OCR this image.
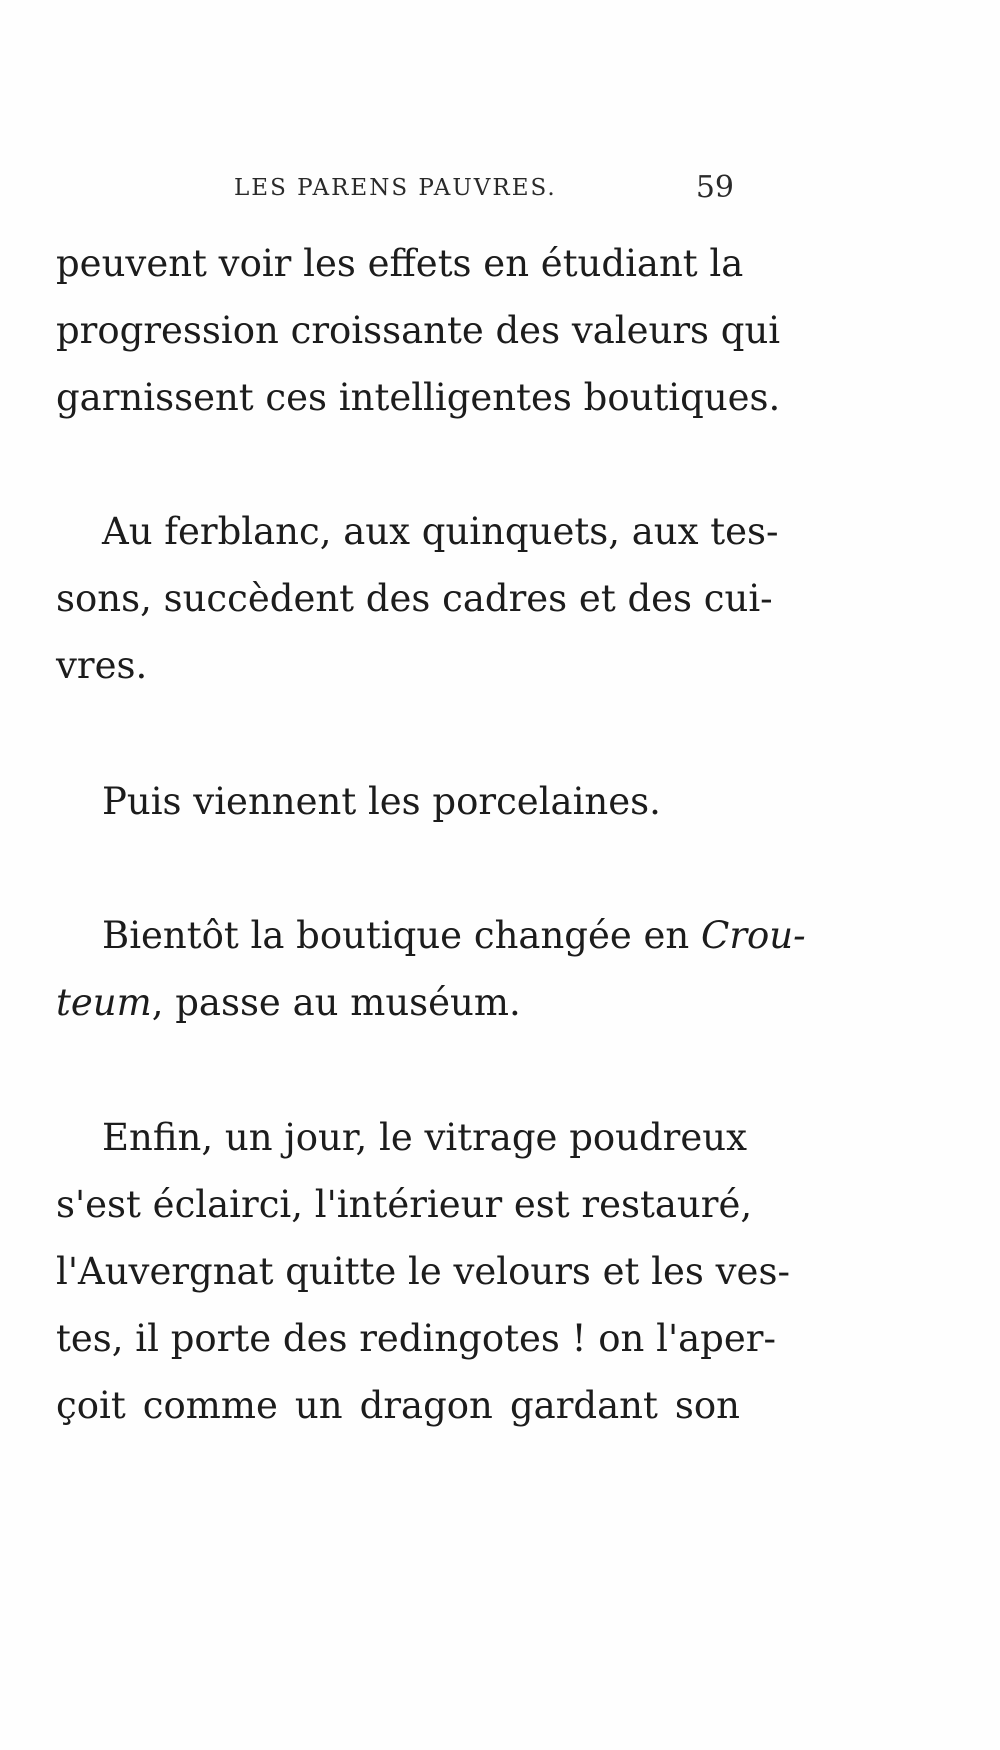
LES PARENS PAUVRES.	59

peuvent voir les effets en étudiant la
progression croissante des valeurs qui
garnissent ces intelligentes boutiques.

Au ferblanc, aux quinquets, aux tes-
sons, succèdent des cadres et des cui-
vres.

Puis viennent les porcelaines.

Bientôt la boutique changée en Crou-
teum, passe au muséum.

Enfin, un jour, le vitrage poudreux
s'est éclairci, l'intérieur est restauré,
l'Auvergnat quitte le velours et les ves-
tes, il porte des redingotes ! on l'aper-
çoit comme un dragon gardant son
